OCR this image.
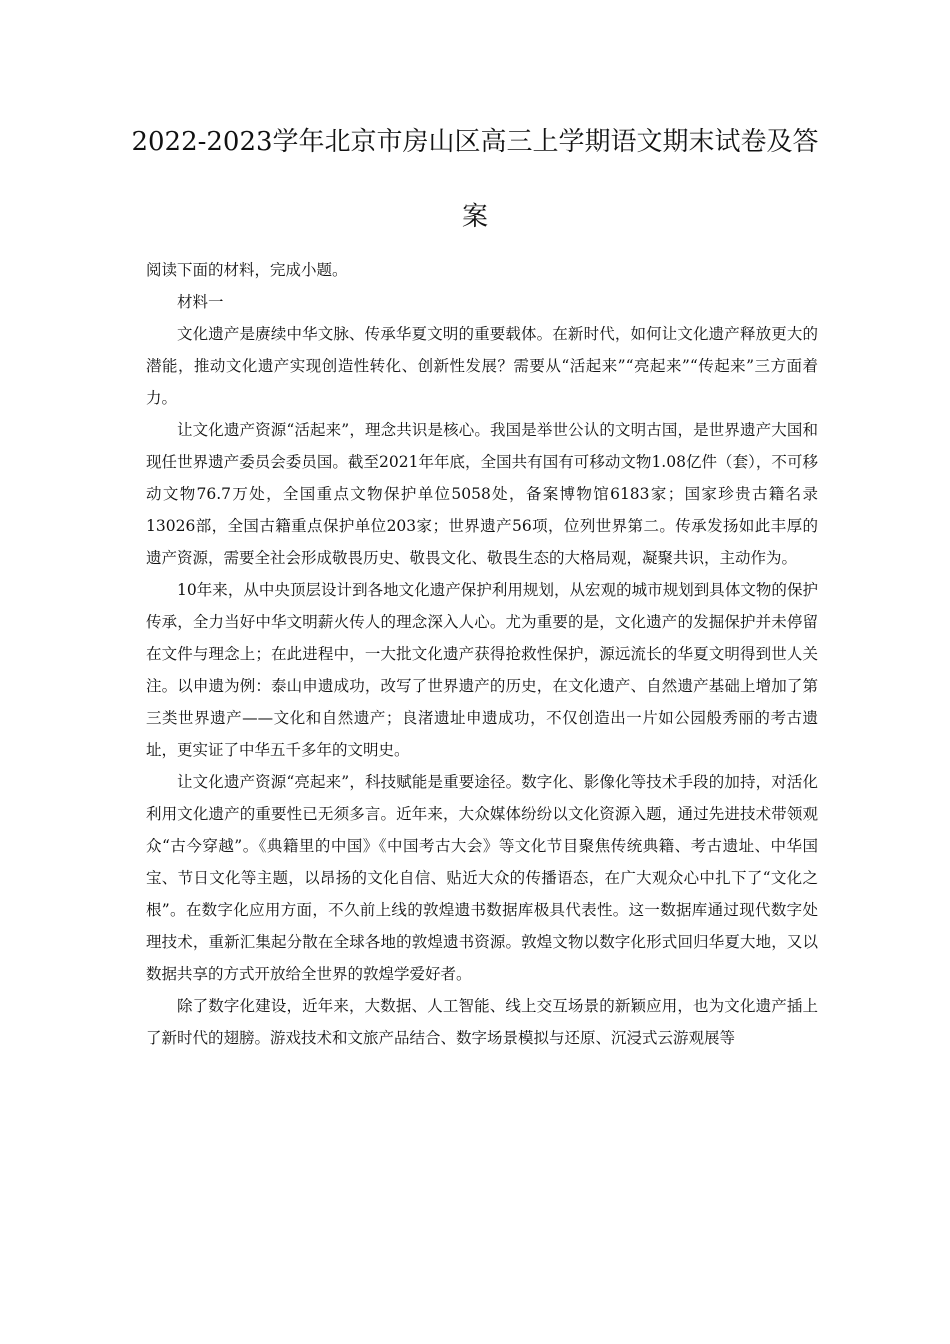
2022-2023学年北京市房山区高三上学期语文期末试卷及答
案

阅读下面的材料，完成小题。

材料一

文化遗产是赓续中华文脉、传承华夏文明的重要载体。在新时代，如何让文化遗产释放更大的潜能，推动文化遗产实现创造性转化、创新性发展？需要从“活起来”“亮起来”“传起来”三方面着力。

让文化遗产资源“活起来”，理念共识是核心。我国是举世公认的文明古国，是世界遗产大国和现任世界遗产委员会委员国。截至2021年年底，全国共有国有可移动文物1.08亿件（套），不可移动文物76.7万处，全国重点文物保护单位5058处，备案博物馆6183家；国家珍贵古籍名录13026部，全国古籍重点保护单位203家；世界遗产56项，位列世界第二。传承发扬如此丰厚的遗产资源，需要全社会形成敬畏历史、敬畏文化、敬畏生态的大格局观，凝聚共识，主动作为。

10年来，从中央顶层设计到各地文化遗产保护利用规划，从宏观的城市规划到具体文物的保护传承，全力当好中华文明薪火传人的理念深入人心。尤为重要的是，文化遗产的发掘保护并未停留在文件与理念上；在此进程中，一大批文化遗产获得抢救性保护，源远流长的华夏文明得到世人关注。以申遗为例：泰山申遗成功，改写了世界遗产的历史，在文化遗产、自然遗产基础上增加了第三类世界遗产——文化和自然遗产；良渚遗址申遗成功，不仅创造出一片如公园般秀丽的考古遗址，更实证了中华五千多年的文明史。

让文化遗产资源“亮起来”，科技赋能是重要途径。数字化、影像化等技术手段的加持，对活化利用文化遗产的重要性已无须多言。近年来，大众媒体纷纷以文化资源入题，通过先进技术带领观众“古今穿越”。《典籍里的中国》《中国考古大会》等文化节目聚焦传统典籍、考古遗址、中华国宝、节日文化等主题，以昂扬的文化自信、贴近大众的传播语态，在广大观众心中扎下了“文化之根”。在数字化应用方面，不久前上线的敦煌遗书数据库极具代表性。这一数据库通过现代数字处理技术，重新汇集起分散在全球各地的敦煌遗书资源。敦煌文物以数字化形式回归华夏大地，又以数据共享的方式开放给全世界的敦煌学爱好者。

除了数字化建设，近年来，大数据、人工智能、线上交互场景的新颖应用，也为文化遗产插上了新时代的翅膀。游戏技术和文旅产品结合、数字场景模拟与还原、沉浸式云游观展等
